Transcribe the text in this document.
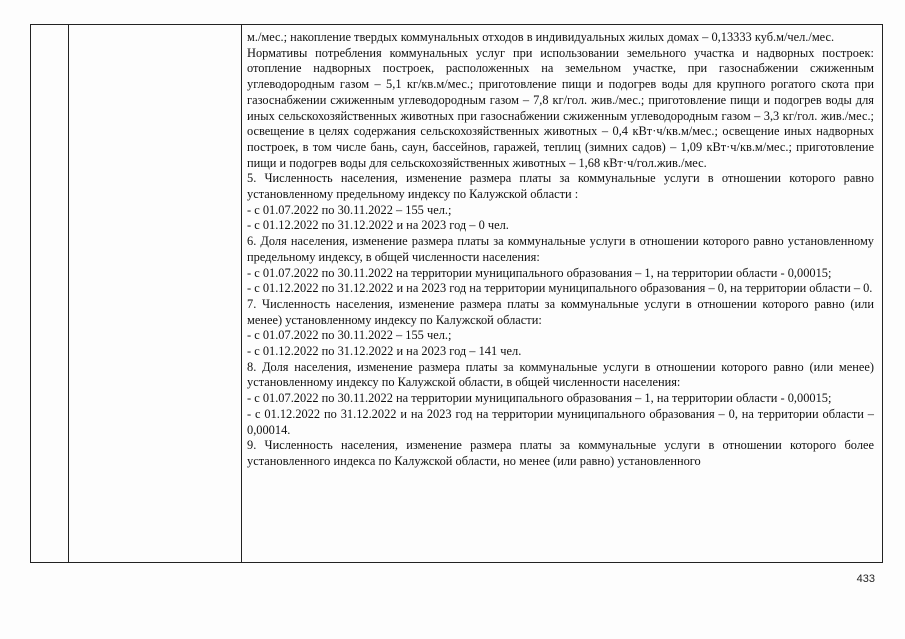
м./мес.; накопление твердых коммунальных отходов в индивидуальных жилых домах – 0,13333 куб.м/чел./мес.

Нормативы потребления коммунальных услуг при использовании земельного участка и надворных построек: отопление надворных построек, расположенных на земельном участке, при газоснабжении сжиженным углеводородным газом – 5,1 кг/кв.м/мес.; приготовление пищи и подогрев воды для крупного рогатого скота при газоснабжении сжиженным углеводородным газом – 7,8 кг/гол. жив./мес.; приготовление пищи и подогрев воды для иных сельскохозяйственных животных при газоснабжении сжиженным углеводородным газом – 3,3 кг/гол. жив./мес.; освещение в целях содержания сельскохозяйственных животных – 0,4 кВт·ч/кв.м/мес.; освещение иных надворных построек, в том числе бань, саун, бассейнов, гаражей, теплиц (зимних садов) – 1,09 кВт·ч/кв.м/мес.; приготовление пищи и подогрев воды для сельскохозяйственных животных – 1,68 кВт·ч/гол.жив./мес.

5. Численность населения, изменение размера платы за коммунальные услуги в отношении которого равно установленному предельному индексу по Калужской области :

- с 01.07.2022 по 30.11.2022 – 155 чел.;

- с 01.12.2022 по 31.12.2022 и на 2023 год – 0 чел.

6. Доля населения, изменение размера платы за коммунальные услуги в отношении которого равно установленному предельному индексу, в общей численности населения:

- с 01.07.2022 по 30.11.2022 на территории муниципального образования – 1, на территории области - 0,00015;

- с 01.12.2022 по 31.12.2022 и на 2023 год на территории муниципального образования – 0, на территории области – 0.

7. Численность населения, изменение размера платы за коммунальные услуги в отношении которого равно (или менее) установленному индексу по Калужской области:

- с 01.07.2022 по 30.11.2022 – 155 чел.;

- с 01.12.2022 по 31.12.2022 и на 2023 год – 141 чел.

8. Доля населения, изменение размера платы за коммунальные услуги в отношении которого равно (или менее) установленному индексу по Калужской области, в общей численности населения:

- с 01.07.2022 по 30.11.2022 на территории муниципального образования – 1, на территории области - 0,00015;

- с 01.12.2022 по 31.12.2022 и на 2023 год на территории муниципального образования – 0, на территории области – 0,00014.

9. Численность населения, изменение размера платы за коммунальные услуги в отношении которого более установленного индекса по Калужской области, но менее (или равно) установленного

433
